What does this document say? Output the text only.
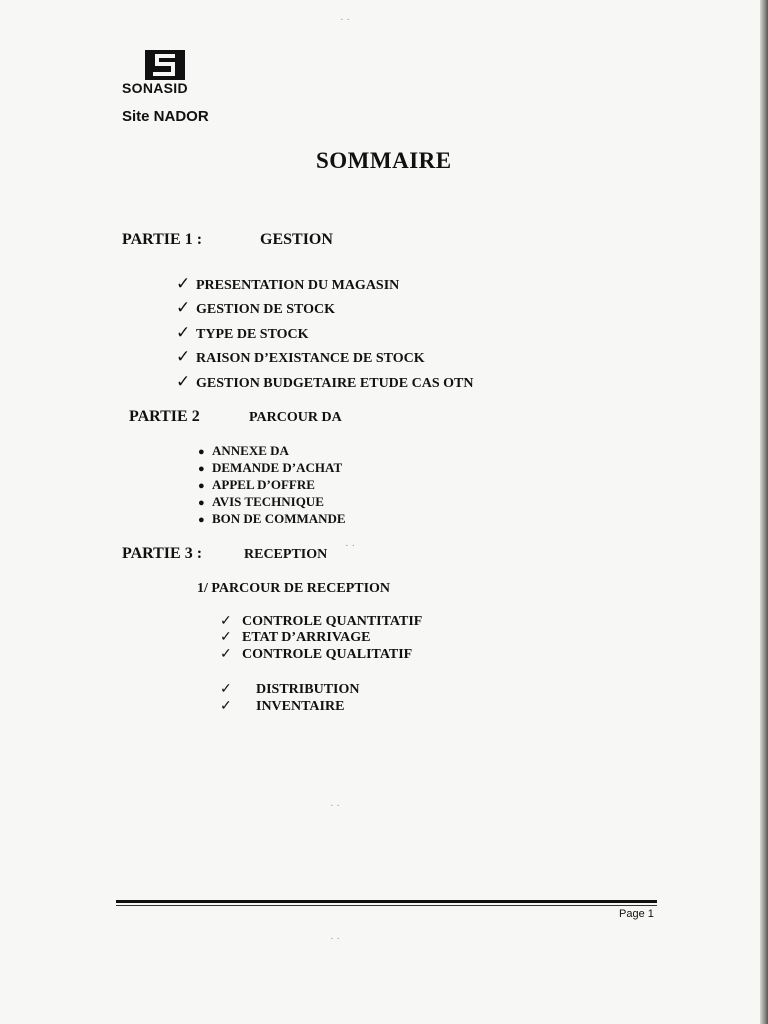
SONASID
Site NADOR
SOMMAIRE
PARTIE 1 :	GESTION
✓ PRESENTATION DU MAGASIN
✓ GESTION DE STOCK
✓ TYPE DE STOCK
✓ RAISON D’EXISTANCE DE STOCK
✓ GESTION BUDGETAIRE ETUDE CAS OTN
PARTIE 2	PARCOUR DA
● ANNEXE DA
● DEMANDE D’ACHAT
● APPEL D’OFFRE
● AVIS TECHNIQUE
● BON DE COMMANDE
PARTIE 3 :	RECEPTION
1/ PARCOUR DE RECEPTION
✓ CONTROLE QUANTITATIF
✓ ETAT D’ARRIVAGE
✓ CONTROLE QUALITATIF
✓ DISTRIBUTION
✓ INVENTAIRE
· ·
· ·
· ·
· ·
Page 1
